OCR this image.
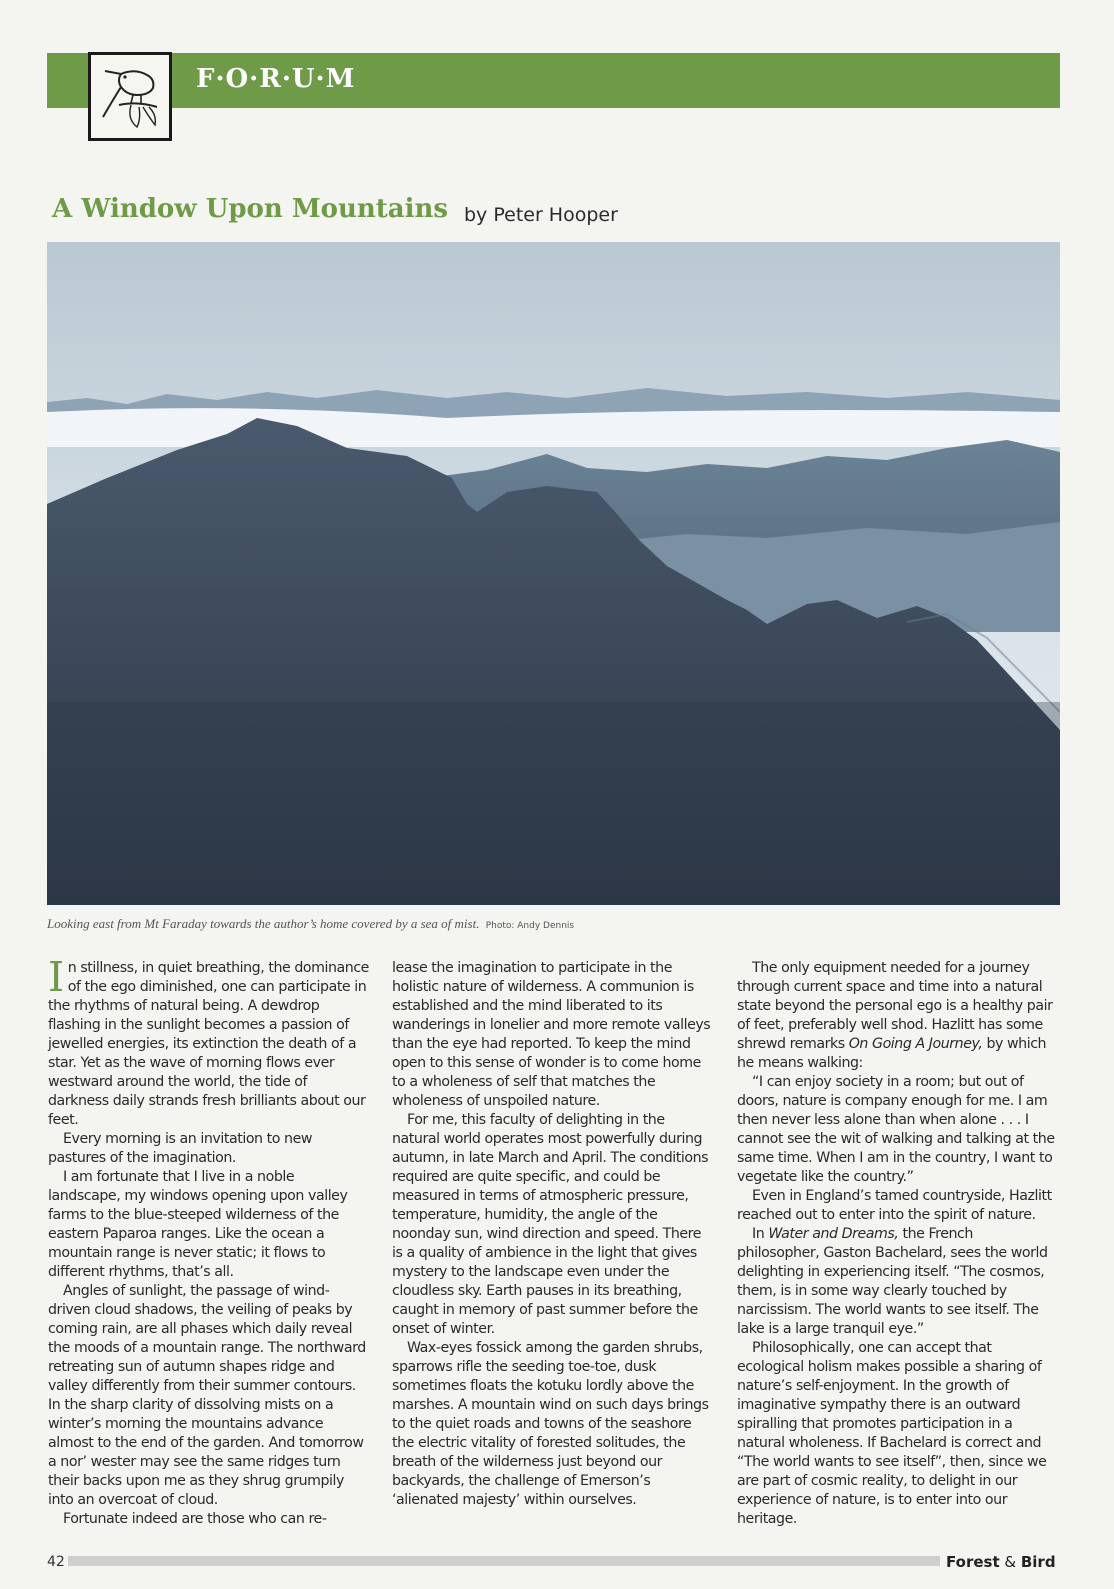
F·O·R·U·M
A Window Upon Mountains by Peter Hooper
Looking east from Mt Faraday towards the author’s home covered by a sea of mist. Photo: Andy Dennis

In stillness, in quiet breathing, the dominance of the ego diminished, one can participate in the rhythms of natural being. A dewdrop flashing in the sunlight becomes a passion of jewelled energies, its extinction the death of a star. Yet as the wave of morning flows ever westward around the world, the tide of darkness daily strands fresh brilliants about our feet.

Every morning is an invitation to new pastures of the imagination.

I am fortunate that I live in a noble landscape, my windows opening upon valley farms to the blue-steeped wilderness of the eastern Paparoa ranges. Like the ocean a mountain range is never static; it flows to different rhythms, that’s all.

Angles of sunlight, the passage of wind-driven cloud shadows, the veiling of peaks by coming rain, are all phases which daily reveal the moods of a mountain range. The northward retreating sun of autumn shapes ridge and valley differently from their summer contours. In the sharp clarity of dissolving mists on a winter’s morning the mountains advance almost to the end of the garden. And tomorrow a nor’ wester may see the same ridges turn their backs upon me as they shrug grumpily into an overcoat of cloud.

Fortunate indeed are those who can re-

lease the imagination to participate in the holistic nature of wilderness. A communion is established and the mind liberated to its wanderings in lonelier and more remote valleys than the eye had reported. To keep the mind open to this sense of wonder is to come home to a wholeness of self that matches the wholeness of unspoiled nature.

For me, this faculty of delighting in the natural world operates most powerfully during autumn, in late March and April. The conditions required are quite specific, and could be measured in terms of atmospheric pressure, temperature, humidity, the angle of the noonday sun, wind direction and speed. There is a quality of ambience in the light that gives mystery to the landscape even under the cloudless sky. Earth pauses in its breathing, caught in memory of past summer before the onset of winter.

Wax-eyes fossick among the garden shrubs, sparrows rifle the seeding toe-toe, dusk sometimes floats the kotuku lordly above the marshes. A mountain wind on such days brings to the quiet roads and towns of the seashore the electric vitality of forested solitudes, the breath of the wilderness just beyond our backyards, the challenge of Emerson’s ‘alienated majesty’ within ourselves.

The only equipment needed for a journey through current space and time into a natural state beyond the personal ego is a healthy pair of feet, preferably well shod. Hazlitt has some shrewd remarks On Going A Journey, by which he means walking:

“I can enjoy society in a room; but out of doors, nature is company enough for me. I am then never less alone than when alone . . . I cannot see the wit of walking and talking at the same time. When I am in the country, I want to vegetate like the country.”

Even in England’s tamed countryside, Hazlitt reached out to enter into the spirit of nature.

In Water and Dreams, the French philosopher, Gaston Bachelard, sees the world delighting in experiencing itself. “The cosmos, them, is in some way clearly touched by narcissism. The world wants to see itself. The lake is a large tranquil eye.”

Philosophically, one can accept that ecological holism makes possible a sharing of nature’s self-enjoyment. In the growth of imaginative sympathy there is an outward spiralling that promotes participation in a natural wholeness. If Bachelard is correct and “The world wants to see itself”, then, since we are part of cosmic reality, to delight in our experience of nature, is to enter into our heritage.

42	Forest & Bird
